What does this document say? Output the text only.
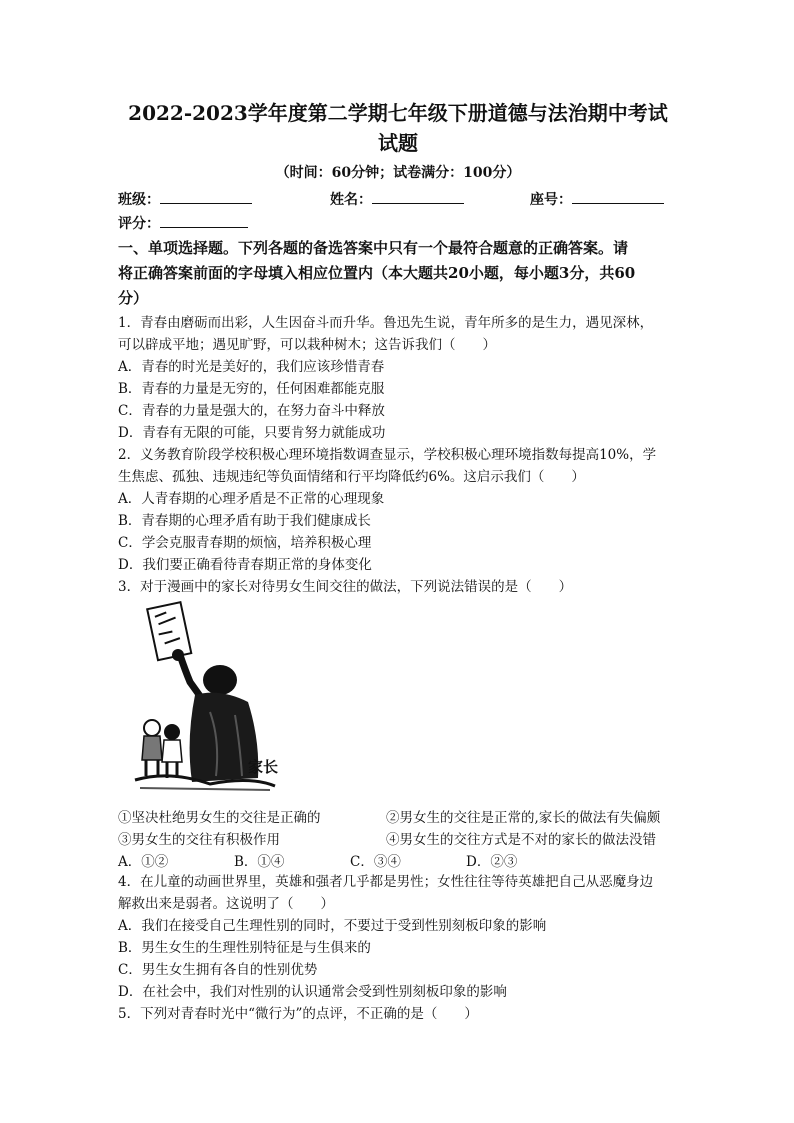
2022-2023学年度第二学期七年级下册道德与法治期中考试
试题
（时间：60分钟；试卷满分：100分）
班级：	姓名：	座号：
评分：
一、单项选择题。下列各题的备选答案中只有一个最符合题意的正确答案。请
将正确答案前面的字母填入相应位置内（本大题共20小题，每小题3分，共60
分）
1．青春由磨砺而出彩，人生因奋斗而升华。鲁迅先生说，青年所多的是生力，遇见深林，
可以辟成平地；遇见旷野，可以栽种树木；这告诉我们（　　）
A．青春的时光是美好的，我们应该珍惜青春
B．青春的力量是无穷的，任何困难都能克服
C．青春的力量是强大的，在努力奋斗中释放
D．青春有无限的可能，只要肯努力就能成功
2．义务教育阶段学校积极心理环境指数调查显示，学校积极心理环境指数每提高10%，学
生焦虑、孤独、违规违纪等负面情绪和行平均降低约6%。这启示我们（　　）
A．人青春期的心理矛盾是不正常的心理现象
B．青春期的心理矛盾有助于我们健康成长
C．学会克服青春期的烦恼，培养积极心理
D．我们要正确看待青春期正常的身体变化
3．对于漫画中的家长对待男女生间交往的做法，下列说法错误的是（　　）
家长
①坚决杜绝男女生的交往是正确的	②男女生的交往是正常的,家长的做法有失偏颇
③男女生的交往有积极作用	④男女生的交往方式是不对的家长的做法没错
A．①②	B．①④	C．③④	D．②③
4．在儿童的动画世界里，英雄和强者几乎都是男性；女性往往等待英雄把自己从恶魔身边
解救出来是弱者。这说明了（　　）
A．我们在接受自己生理性别的同时，不要过于受到性别刻板印象的影响
B．男生女生的生理性别特征是与生俱来的
C．男生女生拥有各自的性别优势
D．在社会中，我们对性别的认识通常会受到性别刻板印象的影响
5．下列对青春时光中“微行为”的点评，不正确的是（　　）
